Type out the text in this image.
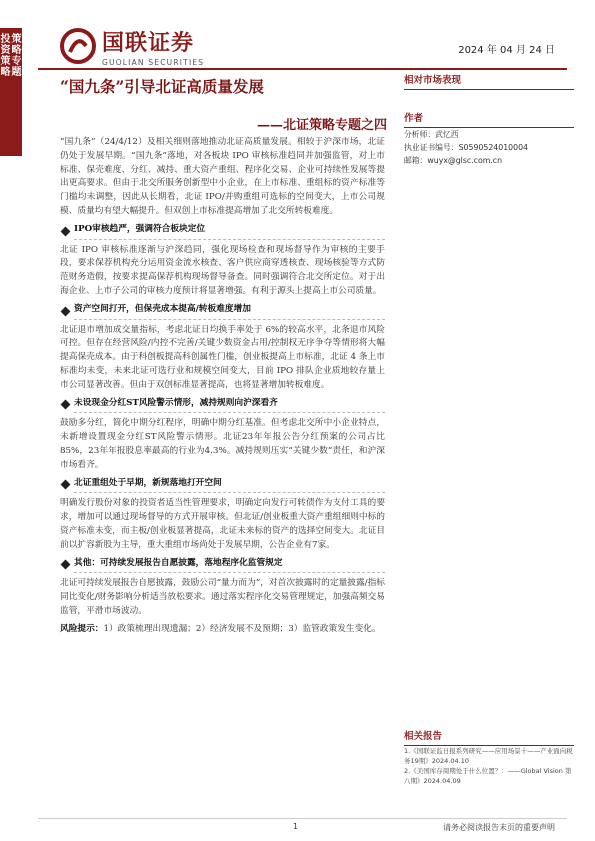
投
资
策
略
策
略
专
题
国联证券
GUOLIAN SECURITIES
2024 年 04 月 24 日
“国九条”引导北证高质量发展
——北证策略专题之四

“国九条”（24/4/12）及相关细则落地推动北证高质量发展。相较于沪深市场，北证仍处于发展早期。“国九条”落地，对各板块 IPO 审核标准趋同并加强监管，对上市标准、保壳难度、分红、减持、重大资产重组、程序化交易、企业可持续性发展等提出更高要求。但由于北交所服务创新型中小企业，在上市标准、重组标的资产标准等门槛均未调整，因此从长期看，北证 IPO/并购重组可选标的空间变大，上市公司规模、质量均有望大幅提升。但双创上市标准提高增加了北交所转板难度。

IPO审核趋严，强调符合板块定位

北证 IPO 审核标准逐渐与沪深趋同，强化现场检查和现场督导作为审核的主要手段，要求保荐机构充分运用资金流水核查、客户供应商穿透核查、现场核验等方式防范财务造假，按要求提高保荐机构现场督导备查。同时强调符合北交所定位。对于出海企业、上市子公司的审核力度预计将显著增强。有利于源头上提高上市公司质量。

资产空间打开，但保壳成本提高/转板难度增加

北证退市增加成交量指标，考虑北证日均换手率处于 6%的较高水平，北条退市风险可控。但存在经营风险/内控不完善/关键少数资金占用/控制权无序争夺等情形将大幅提高保壳成本。由于科创板提高科创属性门槛，创业板提高上市标准，北证 4 条上市标准均未变，未来北证可选行业和规模空间变大，目前 IPO 排队企业质地较存量上市公司显著改善。但由于双创标准显著提高，也将显著增加转板难度。

未设现金分红ST风险警示情形，减持规则向沪深看齐

鼓励多分红，简化中期分红程序，明确中期分红基准。但考虑北交所中小企业特点，未新增设置现金分红ST风险警示情形。北证23年年报公告分红预案的公司占比85%，23年年报股息率最高的行业为4.3%。减持规则压实“关键少数”责任，和沪深市场看齐。

北证重组处于早期，新规落地打开空间

明确发行股份对象的投资者适当性管理要求，明确定向发行可转债作为支付工具的要求，增加可以通过现场督导的方式开展审核。但北证/创业板重大资产重组细则中标的资产标准未变，而主板/创业板显著提高，北证未来标的资产的选择空间变大。北证目前以扩容新股为主导，重大重组市场尚处于发展早期，公告企业有7家。

其他：可持续发展报告自愿披露，落地程序化监管规定

北证可持续发展报告自愿披露，鼓励公司“量力而为”，对首次披露时的定量披露/指标同比变化/财务影响分析适当放松要求。通过落实程序化交易管理规定，加强高频交易监管，平滑市场波动。

风险提示：1）政策梳理出现遗漏；2）经济发展不及预期；3）监管政策发生变化。

相对市场表现
作者
分析师：武忆西
执业证书编号：S0590524010004
邮箱：wuyx@glsc.com.cn
相关报告
1.《国联证监日报系列研究——应用场景十——产业面向税务19期》2024.04.10
2.《美国库存周期处于什么位置？：——Global Vision 第八期》2024.04.09
1	请务必阅读报告末页的重要声明
